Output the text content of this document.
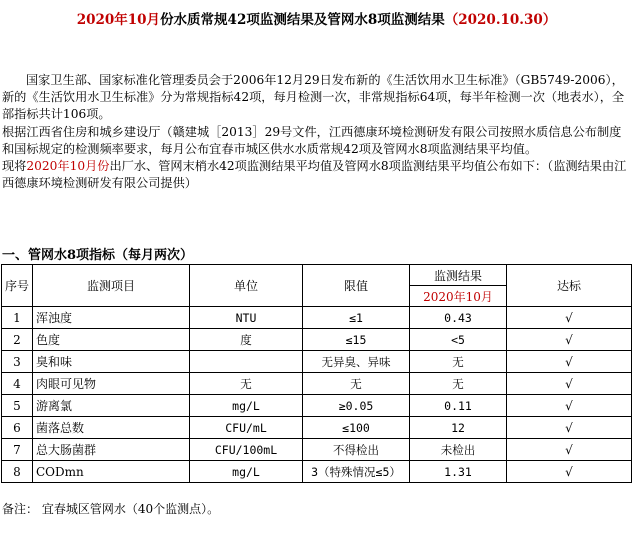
2020年10月份水质常规42项监测结果及管网水8项监测结果（2020.10.30）

国家卫生部、国家标准化管理委员会于2006年12月29日发布新的《生活饮用水卫生标准》（GB5749-2006），新的《生活饮用水卫生标准》分为常规指标42项，每月检测一次，非常规指标64项，每半年检测一次（地表水），全部指标共计106项。

根据江西省住房和城乡建设厅（赣建城［2013］29号文件，江西德康环境检测研发有限公司按照水质信息公布制度和国标规定的检测频率要求，每月公布宜春市城区供水水质常规42项及管网水8项监测结果平均值。

现将2020年10月份出厂水、管网末梢水42项监测结果平均值及管网水8项监测结果平均值公布如下：（监测结果由江西德康环境检测研发有限公司提供）

一、管网水8项指标（每月两次）
序号	监测项目	单位	限值	监测结果	达标
				2020年10月	
1	浑浊度	NTU	≤1	0.43	√
2	色度	度	≤15	<5	√
3	臭和味		无异臭、异味	无	√
4	肉眼可见物	无	无	无	√
5	游离氯	mg/L	≥0.05	0.11	√
6	菌落总数	CFU/mL	≤100	12	√
7	总大肠菌群	CFU/100mL	不得检出	未检出	√
8	CODmn	mg/L	3（特殊情况≤5）	1.31	√
备注： 宜春城区管网水（40个监测点）。
